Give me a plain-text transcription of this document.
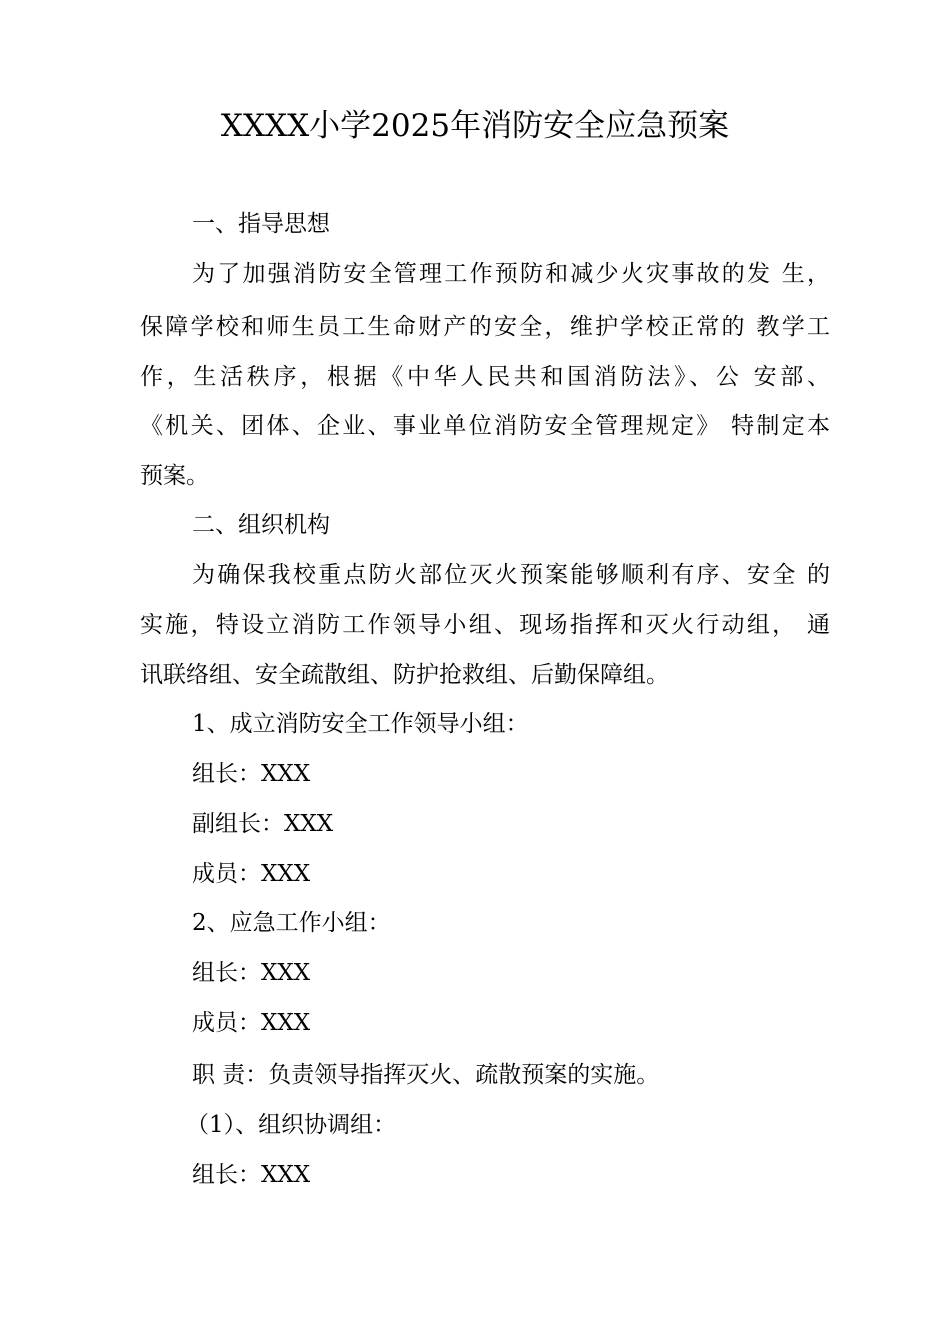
XXXX小学2025年消防安全应急预案
一、指导思想
为了加强消防安全管理工作预防和减少火灾事故的发 生，
保障学校和师生员工生命财产的安全，维护学校正常的 教学工
作，生活秩序，根据《中华人民共和国消防法》、公 安部、
《机关、团体、企业、事业单位消防安全管理规定》 特制定本
预案。
二、组织机构
为确保我校重点防火部位灭火预案能够顺利有序、安全 的
实施，特设立消防工作领导小组、现场指挥和灭火行动组， 通
讯联络组、安全疏散组、防护抢救组、后勤保障组。
1、成立消防安全工作领导小组：
组长：XXX
副组长：XXX
成员：XXX
2、应急工作小组：
组长：XXX
成员：XXX
职 责：负责领导指挥灭火、疏散预案的实施。
（1）、组织协调组：
组长：XXX
